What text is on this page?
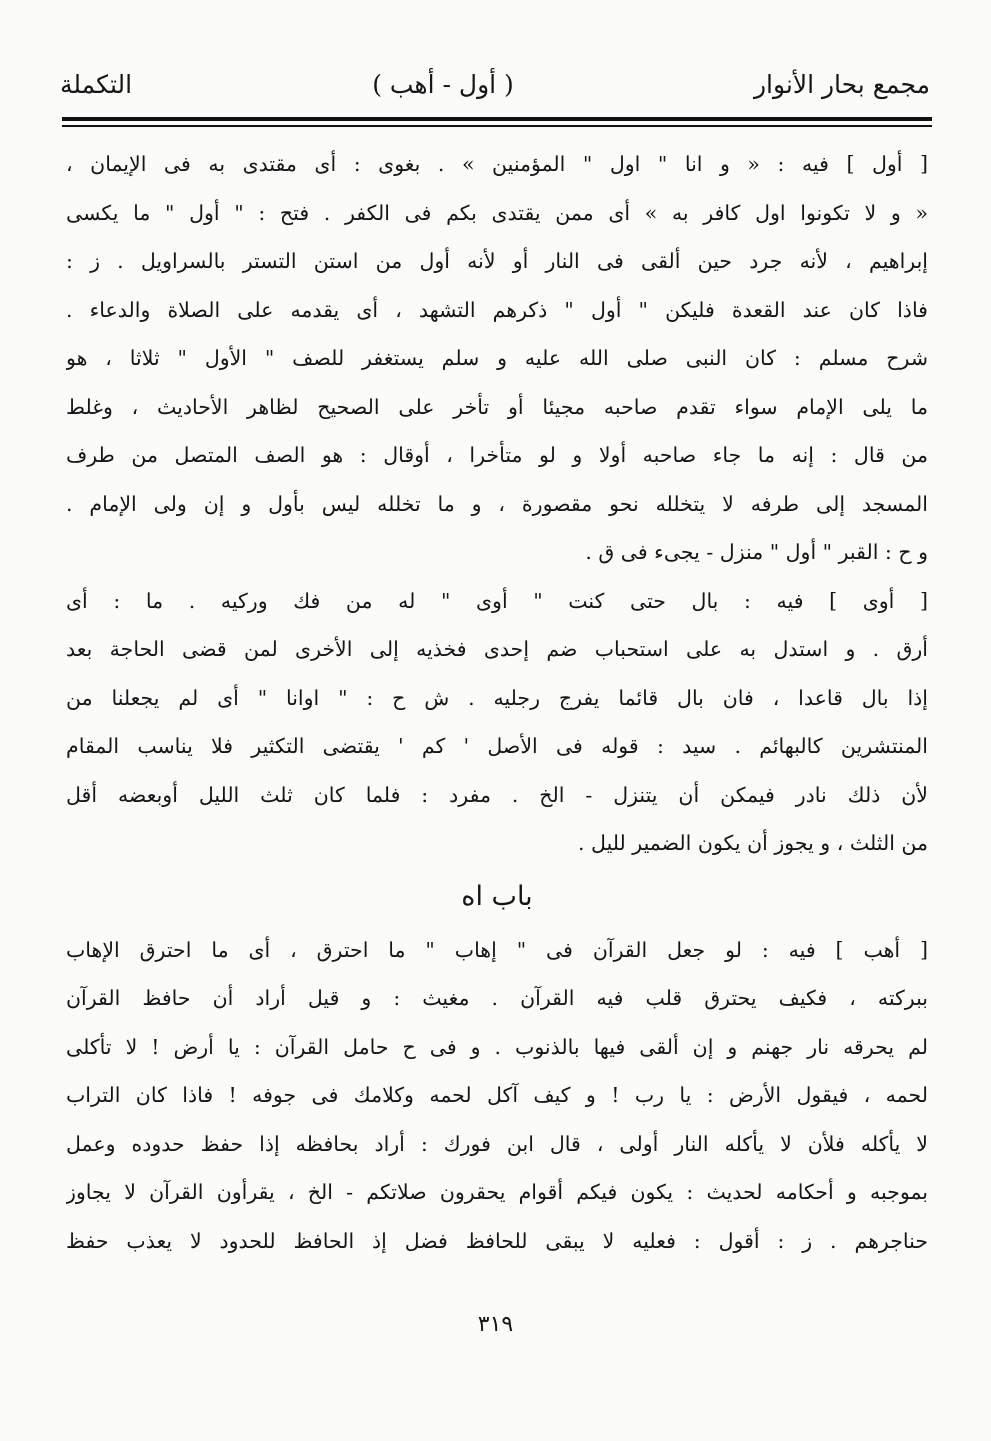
مجمع بحار الأنوار
( أول - أهب )
التكملة
[ أول ] فيه : « و انا " اول " المؤمنين » . بغوى : أى مقتدى به فى الإيمان ،
« و لا تكونوا اول كافر به » أى ممن يقتدى بكم فى الكفر . فتح : " أول " ما يكسى
إبراهيم ، لأنه جرد حين ألقى فى النار أو لأنه أول من استن التستر بالسراويل . ز :
فاذا كان عند القعدة فليكن " أول " ذكرهم التشهد ، أى يقدمه على الصلاة والدعاء .
شرح مسلم : كان النبى صلى الله عليه و سلم يستغفر للصف " الأول " ثلاثا ، هو
ما يلى الإمام سواء تقدم صاحبه مجيئا أو تأخر على الصحيح لظاهر الأحاديث ، وغلط
من قال : إنه ما جاء صاحبه أولا و لو متأخرا ، أوقال : هو الصف المتصل من طرف
المسجد إلى طرفه لا يتخلله نحو مقصورة ، و ما تخلله ليس بأول و إن ولى الإمام .
و ح : القبر " أول " منزل - يجىء فى ق .
[ أوى ] فيه : بال حتى كنت " أوى " له من فك وركيه . ما : أى
أرق . و استدل به على استحباب ضم إحدى فخذيه إلى الأخرى لمن قضى الحاجة بعد
إذا بال قاعدا ، فان بال قائما يفرج رجليه . ش ح : " اوانا " أى لم يجعلنا من
المنتشرين كالبهائم . سيد : قوله فى الأصل ' كم ' يقتضى التكثير فلا يناسب المقام
لأن ذلك نادر فيمكن أن يتنزل - الخ . مفرد : فلما كان ثلث الليل أوبعضه أقل
من الثلث ، و يجوز أن يكون الضمير لليل .
باب اه
[ أهب ] فيه : لو جعل القرآن فى " إهاب " ما احترق ، أى ما احترق الإهاب
ببركته ، فكيف يحترق قلب فيه القرآن . مغيث : و قيل أراد أن حافظ القرآن
لم يحرقه نار جهنم و إن ألقى فيها بالذنوب . و فى ح حامل القرآن : يا أرض ! لا تأكلى
لحمه ، فيقول الأرض : يا رب ! و كيف آكل لحمه وكلامك فى جوفه ! فاذا كان التراب
لا يأكله فلأن لا يأكله النار أولى ، قال ابن فورك : أراد بحافظه إذا حفظ حدوده وعمل
بموجبه و أحكامه لحديث : يكون فيكم أقوام يحقرون صلاتكم - الخ ، يقرأون القرآن لا يجاوز
حناجرهم . ز : أقول : فعليه لا يبقى للحافظ فضل إذ الحافظ للحدود لا يعذب حفظ
٣١٩
